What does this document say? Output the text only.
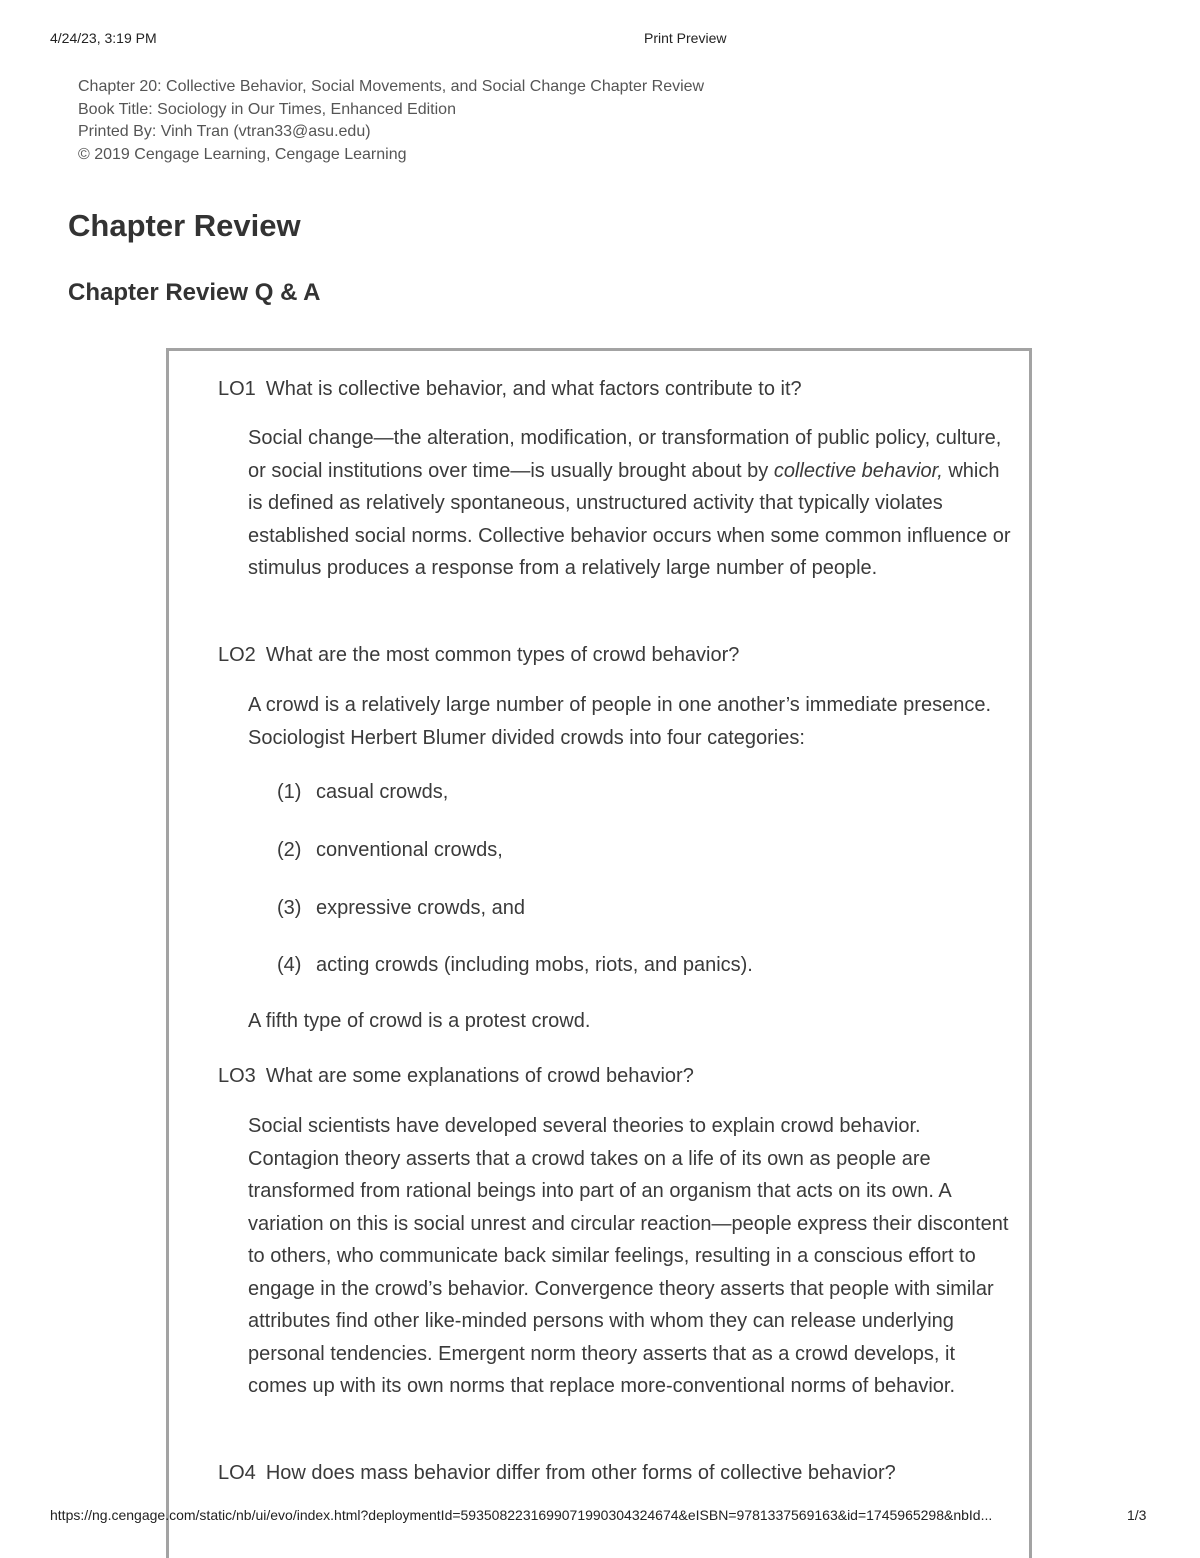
4/24/23, 3:19 PM	Print Preview
Chapter 20: Collective Behavior, Social Movements, and Social Change Chapter Review
Book Title: Sociology in Our Times, Enhanced Edition
Printed By: Vinh Tran (vtran33@asu.edu)
© 2019 Cengage Learning, Cengage Learning
Chapter Review
Chapter Review Q & A
LO1 What is collective behavior, and what factors contribute to it?

Social change—the alteration, modification, or transformation of public policy, culture, or social institutions over time—is usually brought about by collective behavior, which is defined as relatively spontaneous, unstructured activity that typically violates established social norms. Collective behavior occurs when some common influence or stimulus produces a response from a relatively large number of people.

LO2 What are the most common types of crowd behavior?

A crowd is a relatively large number of people in one another’s immediate presence. Sociologist Herbert Blumer divided crowds into four categories:

(1) casual crowds,
(2) conventional crowds,
(3) expressive crowds, and
(4) acting crowds (including mobs, riots, and panics).

A fifth type of crowd is a protest crowd.

LO3 What are some explanations of crowd behavior?

Social scientists have developed several theories to explain crowd behavior. Contagion theory asserts that a crowd takes on a life of its own as people are transformed from rational beings into part of an organism that acts on its own. A variation on this is social unrest and circular reaction—people express their discontent to others, who communicate back similar feelings, resulting in a conscious effort to engage in the crowd’s behavior. Convergence theory asserts that people with similar attributes find other like-minded persons with whom they can release underlying personal tendencies. Emergent norm theory asserts that as a crowd develops, it comes up with its own norms that replace more-conventional norms of behavior.

LO4 How does mass behavior differ from other forms of collective behavior?
https://ng.cengage.com/static/nb/ui/evo/index.html?deploymentId=5935082231699071990304324674&eISBN=9781337569163&id=1745965298&nbId...	1/3
